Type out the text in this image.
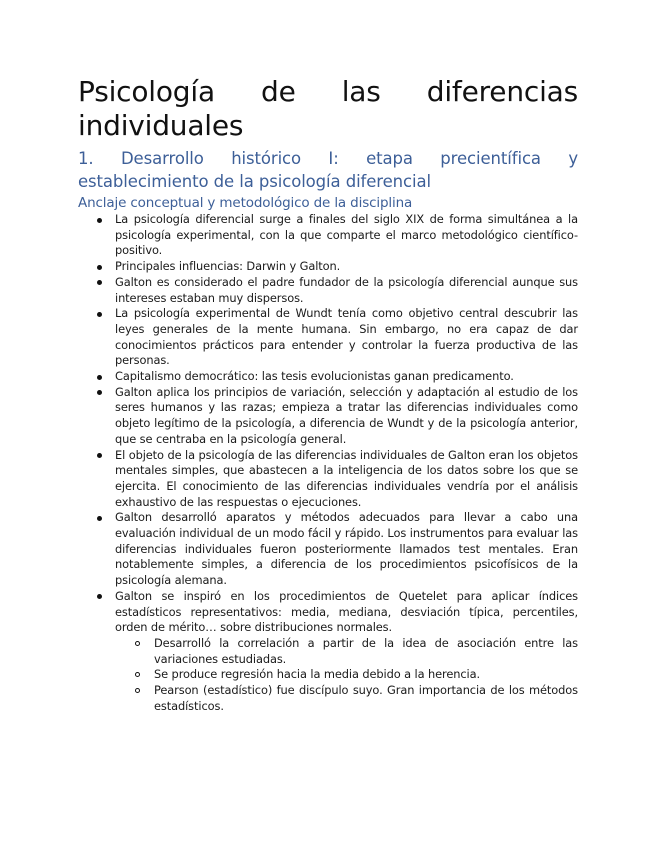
Psicología de las diferencias
individuales
1. Desarrollo histórico I: etapa precientífica y
establecimiento de la psicología diferencial
Anclaje conceptual y metodológico de la disciplina
La psicología diferencial surge a finales del siglo XIX de forma simultánea a la psicología experimental, con la que comparte el marco metodológico científico-positivo.
Principales influencias: Darwin y Galton.
Galton es considerado el padre fundador de la psicología diferencial aunque sus intereses estaban muy dispersos.
La psicología experimental de Wundt tenía como objetivo central descubrir las leyes generales de la mente humana. Sin embargo, no era capaz de dar conocimientos prácticos para entender y controlar la fuerza productiva de las personas.
Capitalismo democrático: las tesis evolucionistas ganan predicamento.
Galton aplica los principios de variación, selección y adaptación al estudio de los seres humanos y las razas; empieza a tratar las diferencias individuales como objeto legítimo de la psicología, a diferencia de Wundt y de la psicología anterior, que se centraba en la psicología general.
El objeto de la psicología de las diferencias individuales de Galton eran los objetos mentales simples, que abastecen a la inteligencia de los datos sobre los que se ejercita. El conocimiento de las diferencias individuales vendría por el análisis exhaustivo de las respuestas o ejecuciones.
Galton desarrolló aparatos y métodos adecuados para llevar a cabo una evaluación individual de un modo fácil y rápido. Los instrumentos para evaluar las diferencias individuales fueron posteriormente llamados test mentales. Eran notablemente simples, a diferencia de los procedimientos psicofísicos de la psicología alemana.
Galton se inspiró en los procedimientos de Quetelet para aplicar índices estadísticos representativos: media, mediana, desviación típica, percentiles, orden de mérito… sobre distribuciones normales.
Desarrolló la correlación a partir de la idea de asociación entre las variaciones estudiadas.
Se produce regresión hacia la media debido a la herencia.
Pearson (estadístico) fue discípulo suyo. Gran importancia de los métodos estadísticos.
